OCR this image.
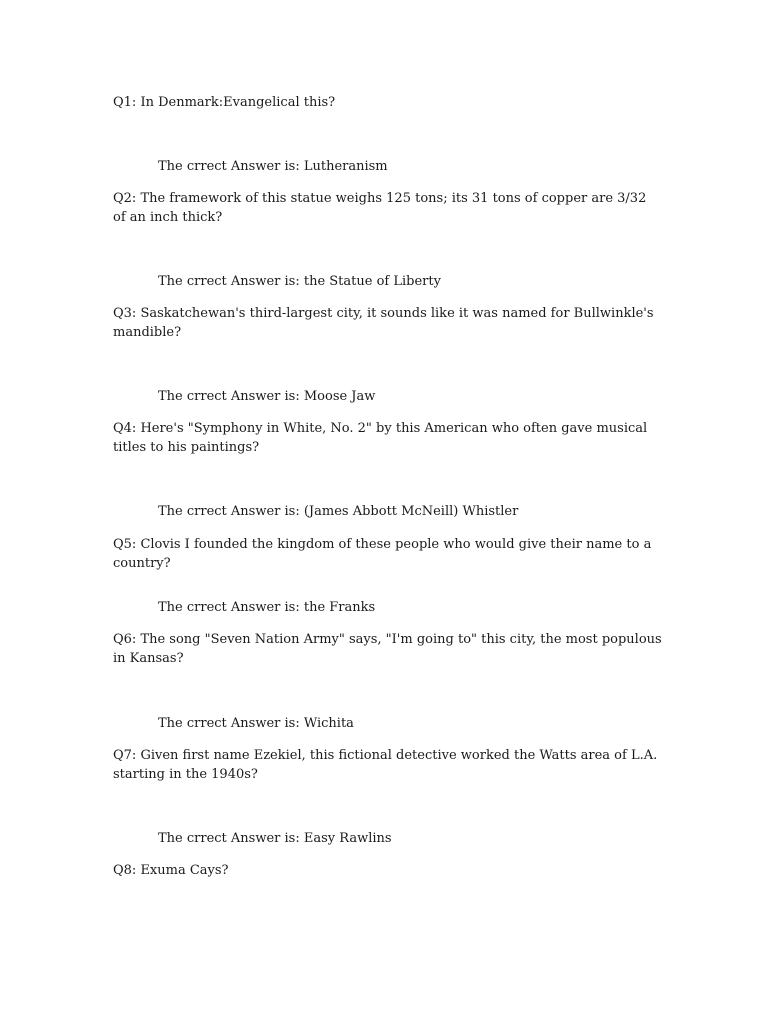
Q1: In Denmark:Evangelical this?

The crrect Answer is: Lutheranism

Q2: The framework of this statue weighs 125 tons; its 31 tons of copper are 3/32 of an inch thick?

The crrect Answer is: the Statue of Liberty

Q3: Saskatchewan's third-largest city, it sounds like it was named for Bullwinkle's mandible?

The crrect Answer is: Moose Jaw

Q4: Here's "Symphony in White, No. 2" by this American who often gave musical titles to his paintings?

The crrect Answer is: (James Abbott McNeill) Whistler

Q5: Clovis I founded the kingdom of these people who would give their name to a country?

The crrect Answer is: the Franks

Q6: The song "Seven Nation Army" says, "I'm going to" this city, the most populous in Kansas?

The crrect Answer is: Wichita

Q7: Given first name Ezekiel, this fictional detective worked the Watts area of L.A. starting in the 1940s?

The crrect Answer is: Easy Rawlins

Q8: Exuma Cays?
